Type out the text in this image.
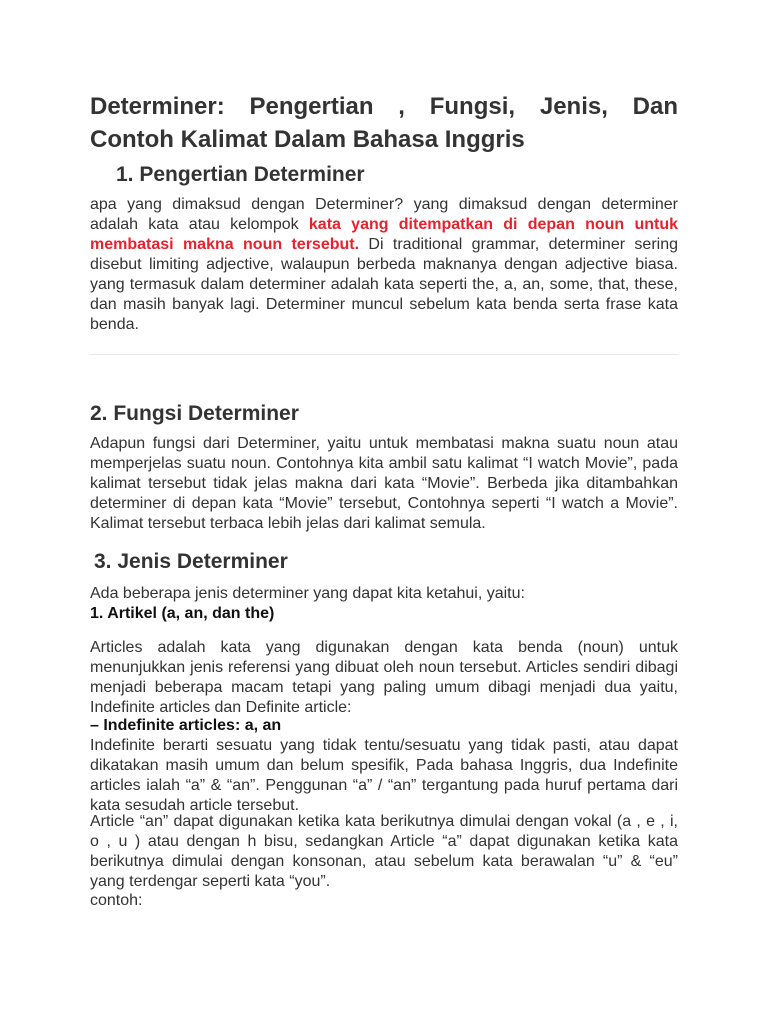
Determiner: Pengertian , Fungsi, Jenis, Dan Contoh Kalimat Dalam Bahasa Inggris
1. Pengertian Determiner

apa yang dimaksud dengan Determiner? yang dimaksud dengan determiner adalah kata atau kelompok kata yang ditempatkan di depan noun untuk membatasi makna noun tersebut. Di traditional grammar, determiner sering disebut limiting adjective, walaupun berbeda maknanya dengan adjective biasa. yang termasuk dalam determiner adalah kata seperti the, a, an, some, that, these, dan masih banyak lagi. Determiner muncul sebelum kata benda serta frase kata benda.

2. Fungsi Determiner

Adapun fungsi dari Determiner, yaitu untuk membatasi makna suatu noun atau memperjelas suatu noun. Contohnya kita ambil satu kalimat “I watch Movie”, pada kalimat tersebut tidak jelas makna dari kata “Movie”. Berbeda jika ditambahkan determiner di depan kata “Movie” tersebut, Contohnya seperti “I watch a Movie”. Kalimat tersebut terbaca lebih jelas dari kalimat semula.

3. Jenis Determiner

Ada beberapa jenis determiner yang dapat kita ketahui, yaitu:

1. Artikel (a, an, dan the)

Articles adalah kata yang digunakan dengan kata benda (noun) untuk menunjukkan jenis referensi yang dibuat oleh noun tersebut. Articles sendiri dibagi menjadi beberapa macam tetapi yang paling umum dibagi menjadi dua yaitu, Indefinite articles dan Definite article:

– Indefinite articles: a, an

Indefinite berarti sesuatu yang tidak tentu/sesuatu yang tidak pasti, atau dapat dikatakan masih umum dan belum spesifik, Pada bahasa Inggris, dua Indefinite articles ialah “a” & “an”. Penggunan “a” / “an” tergantung pada huruf pertama dari kata sesudah article tersebut.

Article “an” dapat digunakan ketika kata berikutnya dimulai dengan vokal (a , e , i, o , u ) atau dengan h bisu, sedangkan Article “a” dapat digunakan ketika kata berikutnya dimulai dengan konsonan, atau sebelum kata berawalan “u” & “eu” yang terdengar seperti kata “you”.

contoh:
